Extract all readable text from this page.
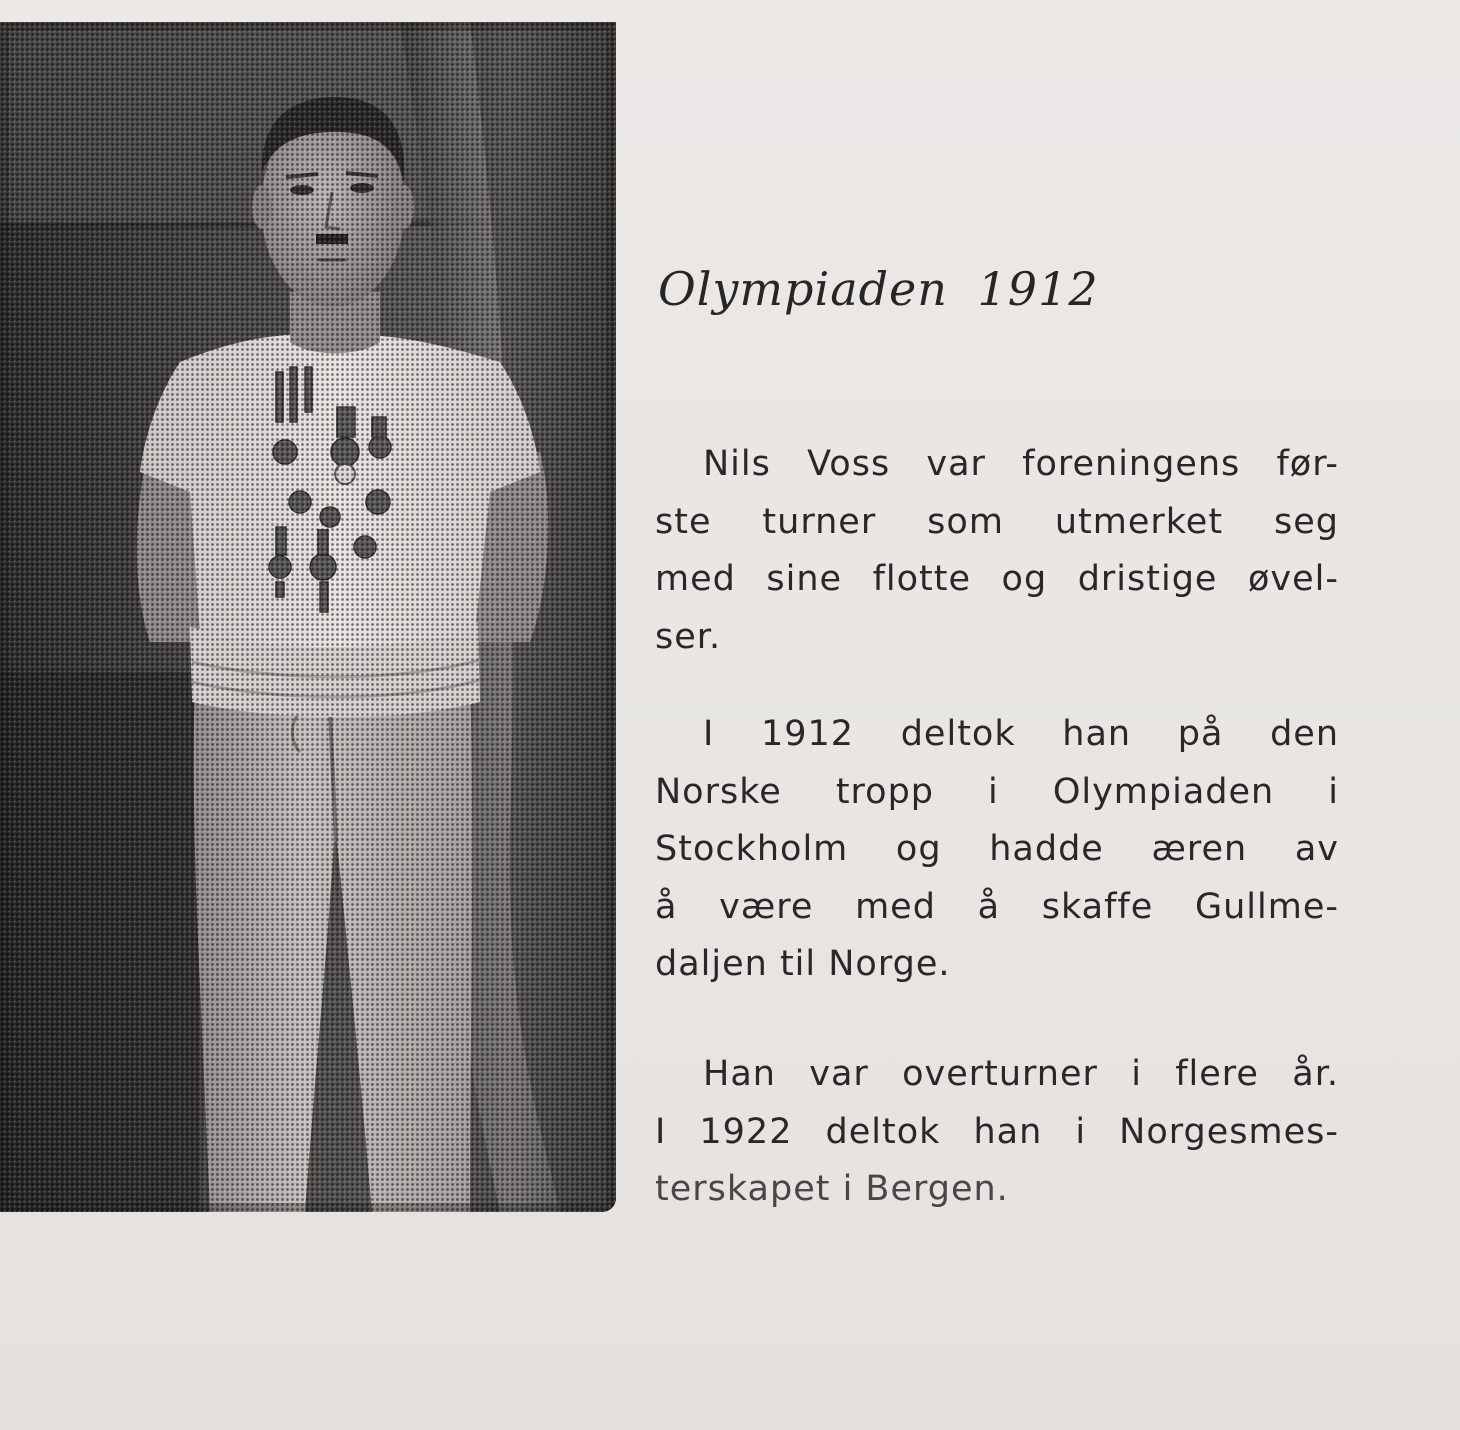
Olympiaden 1912

Nils Voss var foreningens før-
ste turner som utmerket seg
med sine flotte og dristige øvel-
ser.

I 1912 deltok han på den
Norske tropp i Olympiaden i
Stockholm og hadde æren av
å være med å skaffe Gullme-
daljen til Norge.

Han var overturner i flere år.
I 1922 deltok han i Norgesmes-
terskapet i Bergen.
